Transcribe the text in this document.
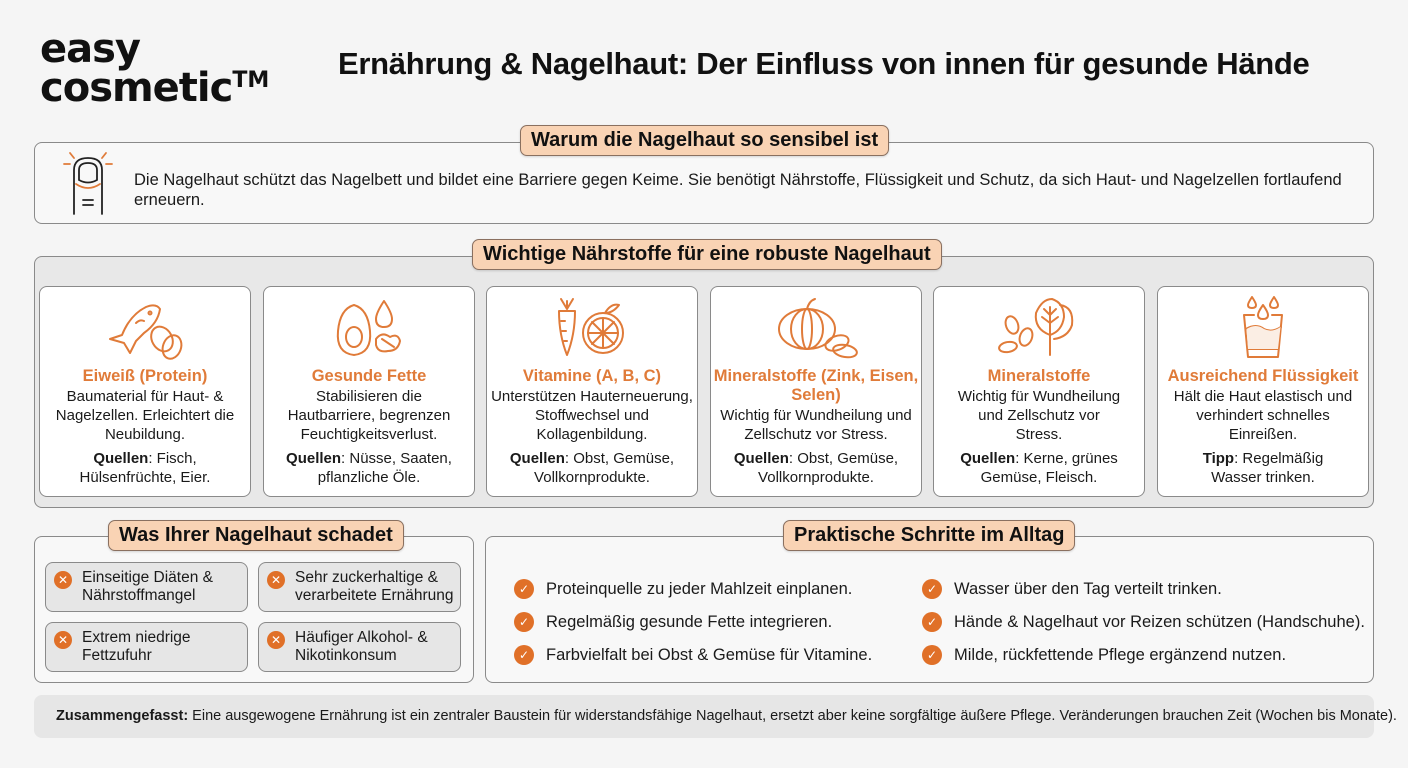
easy
cosmetic™ Ernährung & Nagelhaut: Der Einfluss von innen für gesunde Hände
Warum die Nagelhaut so sensibel ist
Die Nagelhaut schützt das Nagelbett und bildet eine Barriere gegen Keime. Sie benötigt Nährstoffe, Flüssigkeit und Schutz, da sich Haut- und Nagelzellen fortlaufend erneuern.
Wichtige Nährstoffe für eine robuste Nagelhaut
Eiweiß (Protein)
Baumaterial für Haut- & Nagelzellen. Erleichtert die Neubildung.
Quellen: Fisch, Hülsenfrüchte, Eier.
Gesunde Fette
Stabilisieren die Hautbarriere, begrenzen Feuchtigkeitsverlust.
Quellen: Nüsse, Saaten, pflanzliche Öle.
Vitamine (A, B, C)
Unterstützen Hauterneuerung, Stoffwechsel und Kollagenbildung.
Quellen: Obst, Gemüse, Vollkornprodukte.
Mineralstoffe (Zink, Eisen, Selen)
Wichtig für Wundheilung und Zellschutz vor Stress.
Quellen: Obst, Gemüse, Vollkornprodukte.
Mineralstoffe
Wichtig für Wundheilung und Zellschutz vor Stress.
Quellen: Kerne, grünes Gemüse, Fleisch.
Ausreichend Flüssigkeit
Hält die Haut elastisch und verhindert schnelles Einreißen.
Tipp: Regelmäßig Wasser trinken.
Was Ihrer Nagelhaut schadet
✕ Einseitige Diäten & Nährstoffmangel
✕ Sehr zuckerhaltige & verarbeitete Ernährung
✕ Extrem niedrige Fettzufuhr
✕ Häufiger Alkohol- & Nikotinkonsum
Praktische Schritte im Alltag
✓	Proteinquelle zu jeder Mahlzeit einplanen.
✓	Regelmäßig gesunde Fette integrieren.
✓	Farbvielfalt bei Obst & Gemüse für Vitamine.
✓	Wasser über den Tag verteilt trinken.
✓	Hände & Nagelhaut vor Reizen schützen (Handschuhe).
✓	Milde, rückfettende Pflege ergänzend nutzen.
Zusammengefasst: Eine ausgewogene Ernährung ist ein zentraler Baustein für widerstandsfähige Nagelhaut, ersetzt aber keine sorgfältige äußere Pflege. Veränderungen brauchen Zeit (Wochen bis Monate).
